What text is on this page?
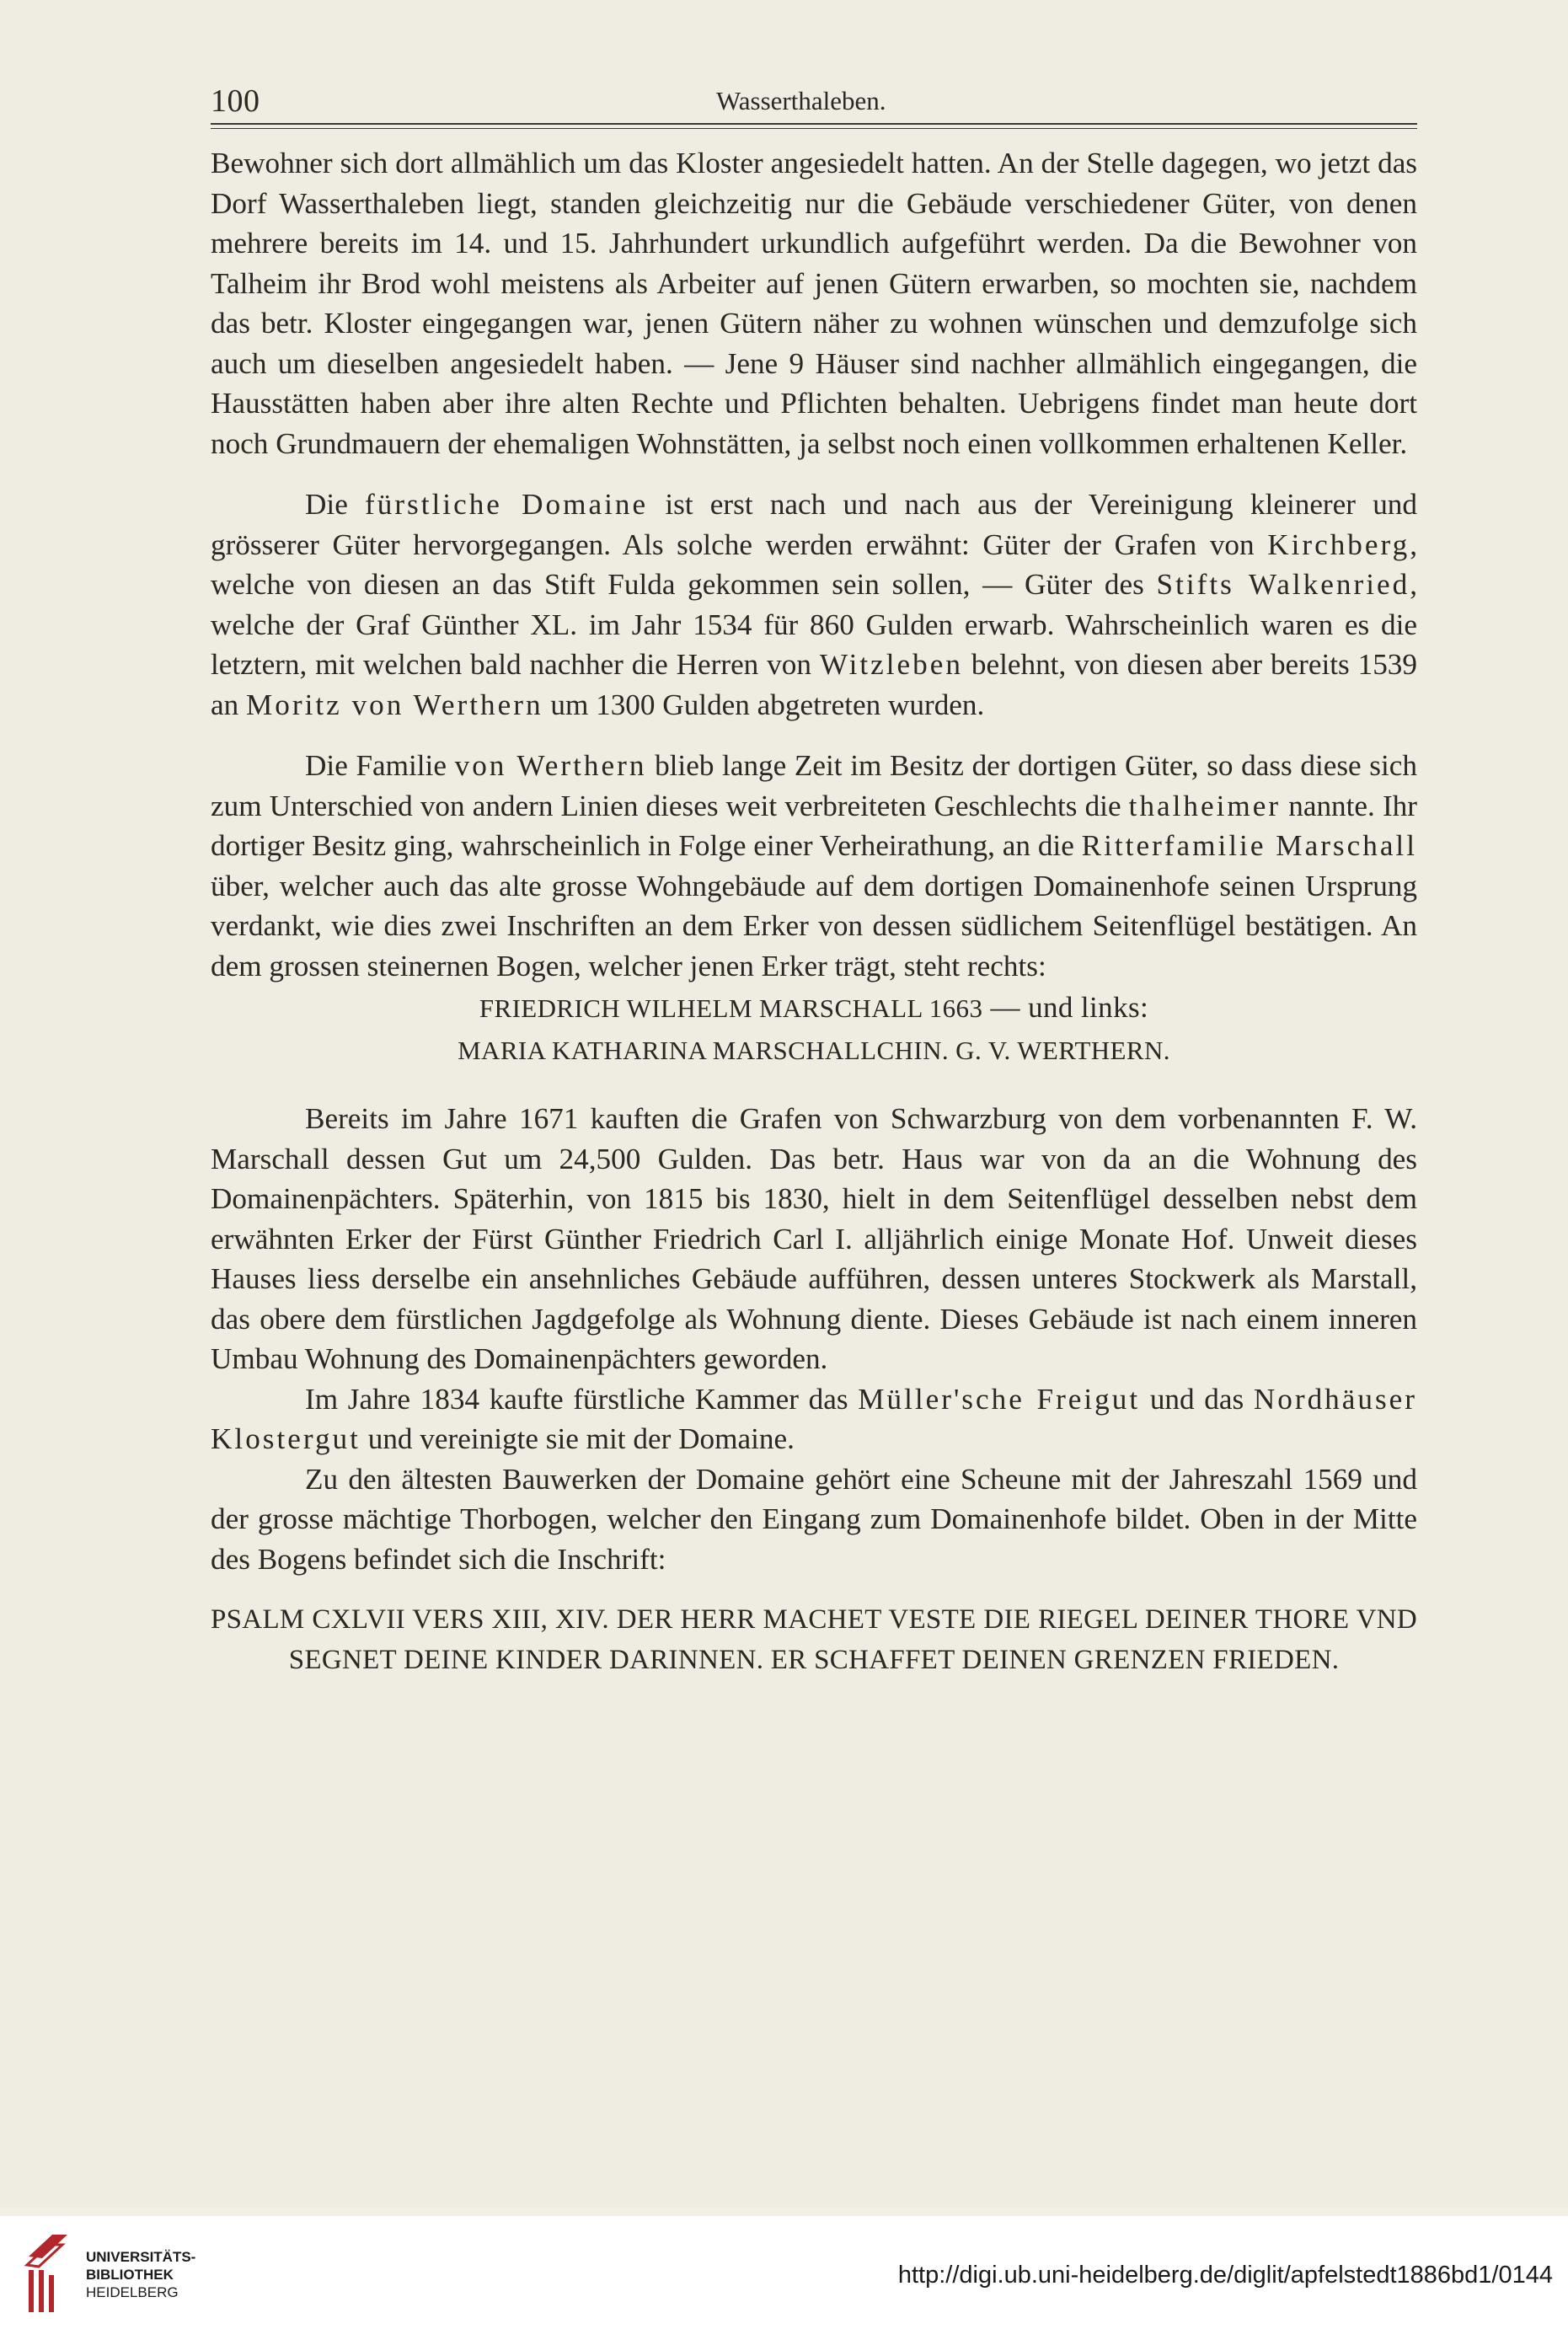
100	Wasserthaleben.

Bewohner sich dort allmählich um das Kloster angesiedelt hatten. An der Stelle dagegen, wo jetzt das Dorf Wasserthaleben liegt, standen gleichzeitig nur die Gebäude verschiedener Güter, von denen mehrere bereits im 14. und 15. Jahrhundert urkundlich aufgeführt werden. Da die Bewohner von Talheim ihr Brod wohl meistens als Arbeiter auf jenen Gütern erwarben, so mochten sie, nachdem das betr. Kloster eingegangen war, jenen Gütern näher zu wohnen wünschen und demzufolge sich auch um dieselben angesiedelt haben. — Jene 9 Häuser sind nachher allmählich eingegangen, die Hausstätten haben aber ihre alten Rechte und Pflichten behalten. Uebrigens findet man heute dort noch Grundmauern der ehemaligen Wohnstätten, ja selbst noch einen vollkommen erhaltenen Keller.

Die fürstliche Domaine ist erst nach und nach aus der Vereinigung kleinerer und grösserer Güter hervorgegangen. Als solche werden erwähnt: Güter der Grafen von Kirchberg, welche von diesen an das Stift Fulda gekommen sein sollen, — Güter des Stifts Walkenried, welche der Graf Günther XL. im Jahr 1534 für 860 Gulden erwarb. Wahrscheinlich waren es die letztern, mit welchen bald nachher die Herren von Witzleben belehnt, von diesen aber bereits 1539 an Moritz von Werthern um 1300 Gulden abgetreten wurden.

Die Familie von Werthern blieb lange Zeit im Besitz der dortigen Güter, so dass diese sich zum Unterschied von andern Linien dieses weit verbreiteten Geschlechts die thalheimer nannte. Ihr dortiger Besitz ging, wahrscheinlich in Folge einer Verheirathung, an die Ritterfamilie Marschall über, welcher auch das alte grosse Wohngebäude auf dem dortigen Domainenhofe seinen Ursprung verdankt, wie dies zwei Inschriften an dem Erker von dessen südlichem Seitenflügel bestätigen. An dem grossen steinernen Bogen, welcher jenen Erker trägt, steht rechts:

FRIEDRICH WILHELM MARSCHALL 1663 — und links:

MARIA KATHARINA MARSCHALLCHIN. G. V. WERTHERN.

Bereits im Jahre 1671 kauften die Grafen von Schwarzburg von dem vorbenannten F. W. Marschall dessen Gut um 24,500 Gulden. Das betr. Haus war von da an die Wohnung des Domainenpächters. Späterhin, von 1815 bis 1830, hielt in dem Seitenflügel desselben nebst dem erwähnten Erker der Fürst Günther Friedrich Carl I. alljährlich einige Monate Hof. Unweit dieses Hauses liess derselbe ein ansehnliches Gebäude aufführen, dessen unteres Stockwerk als Marstall, das obere dem fürstlichen Jagdgefolge als Wohnung diente. Dieses Gebäude ist nach einem inneren Umbau Wohnung des Domainenpächters geworden.

Im Jahre 1834 kaufte fürstliche Kammer das Müller'sche Freigut und das Nordhäuser Klostergut und vereinigte sie mit der Domaine.

Zu den ältesten Bauwerken der Domaine gehört eine Scheune mit der Jahreszahl 1569 und der grosse mächtige Thorbogen, welcher den Eingang zum Domainenhofe bildet. Oben in der Mitte des Bogens befindet sich die Inschrift:

PSALM CXLVII VERS XIII, XIV. DER HERR MACHET VESTE DIE RIEGEL DEINER THORE VND SEGNET DEINE KINDER DARINNEN. ER SCHAFFET DEINEN GRENZEN FRIEDEN.

UNIVERSITÄTS-
BIBLIOTHEK
HEIDELBERG
http://digi.ub.uni-heidelberg.de/diglit/apfelstedt1886bd1/0144
